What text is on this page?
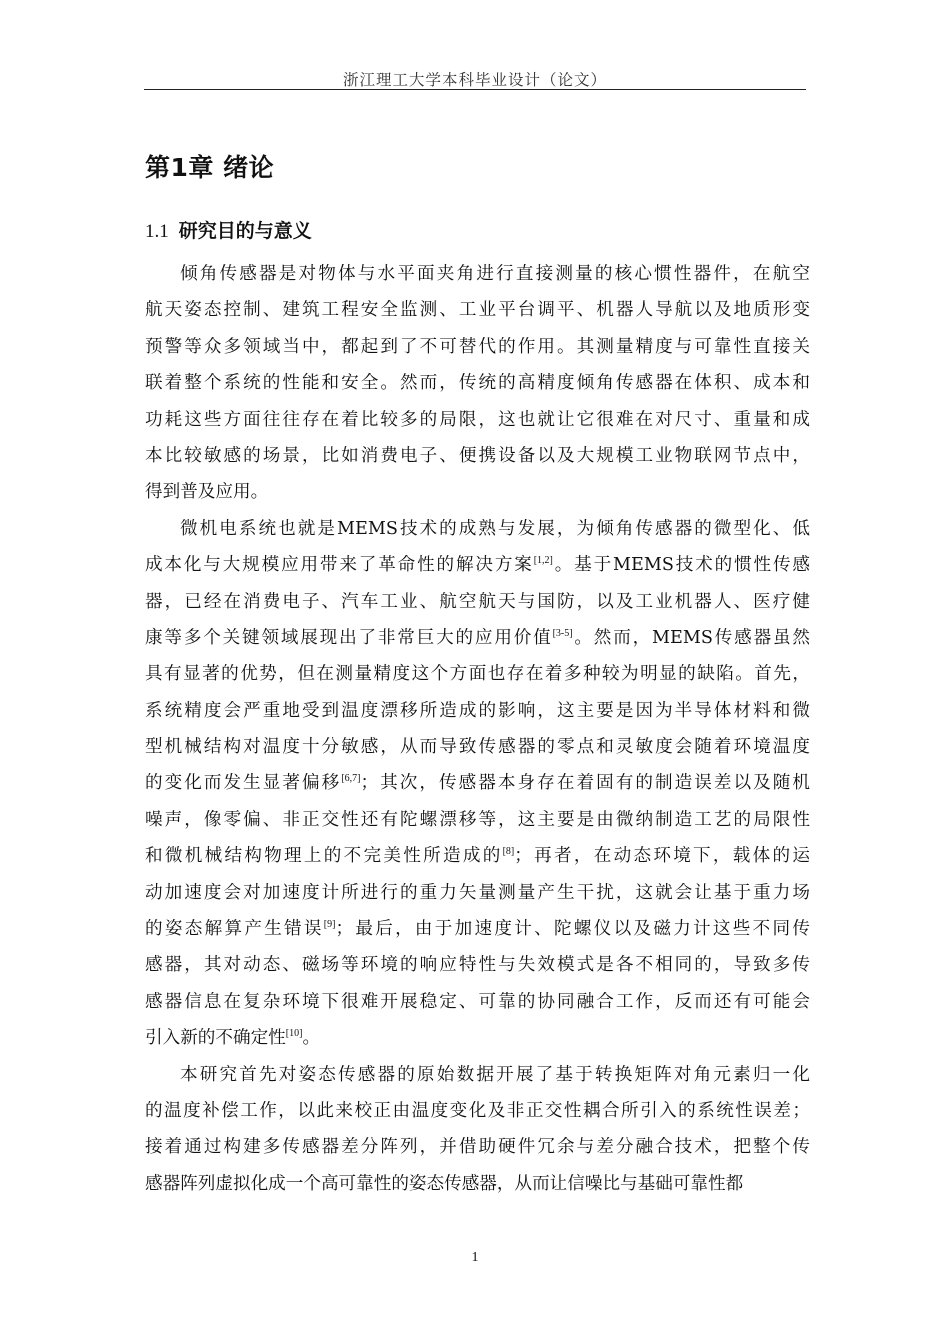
浙江理工大学本科毕业设计（论文）
第1章 绪论
1.1 研究目的与意义
倾角传感器是对物体与水平面夹角进行直接测量的核心惯性器件，在航空
航天姿态控制、建筑工程安全监测、工业平台调平、机器人导航以及地质形变
预警等众多领域当中，都起到了不可替代的作用。其测量精度与可靠性直接关
联着整个系统的性能和安全。然而，传统的高精度倾角传感器在体积、成本和
功耗这些方面往往存在着比较多的局限，这也就让它很难在对尺寸、重量和成
本比较敏感的场景，比如消费电子、便携设备以及大规模工业物联网节点中，
得到普及应用。
微机电系统也就是MEMS技术的成熟与发展，为倾角传感器的微型化、低
成本化与大规模应用带来了革命性的解决方案[1,2]。基于MEMS技术的惯性传感
器，已经在消费电子、汽车工业、航空航天与国防，以及工业机器人、医疗健
康等多个关键领域展现出了非常巨大的应用价值[3-5]。然而，MEMS传感器虽然
具有显著的优势，但在测量精度这个方面也存在着多种较为明显的缺陷。首先，
系统精度会严重地受到温度漂移所造成的影响，这主要是因为半导体材料和微
型机械结构对温度十分敏感，从而导致传感器的零点和灵敏度会随着环境温度
的变化而发生显著偏移[6,7]；其次，传感器本身存在着固有的制造误差以及随机
噪声，像零偏、非正交性还有陀螺漂移等，这主要是由微纳制造工艺的局限性
和微机械结构物理上的不完美性所造成的[8]；再者，在动态环境下，载体的运
动加速度会对加速度计所进行的重力矢量测量产生干扰，这就会让基于重力场
的姿态解算产生错误[9]；最后，由于加速度计、陀螺仪以及磁力计这些不同传
感器，其对动态、磁场等环境的响应特性与失效模式是各不相同的，导致多传
感器信息在复杂环境下很难开展稳定、可靠的协同融合工作，反而还有可能会
引入新的不确定性[10]。
本研究首先对姿态传感器的原始数据开展了基于转换矩阵对角元素归一化
的温度补偿工作，以此来校正由温度变化及非正交性耦合所引入的系统性误差；
接着通过构建多传感器差分阵列，并借助硬件冗余与差分融合技术，把整个传
感器阵列虚拟化成一个高可靠性的姿态传感器，从而让信噪比与基础可靠性都
1
